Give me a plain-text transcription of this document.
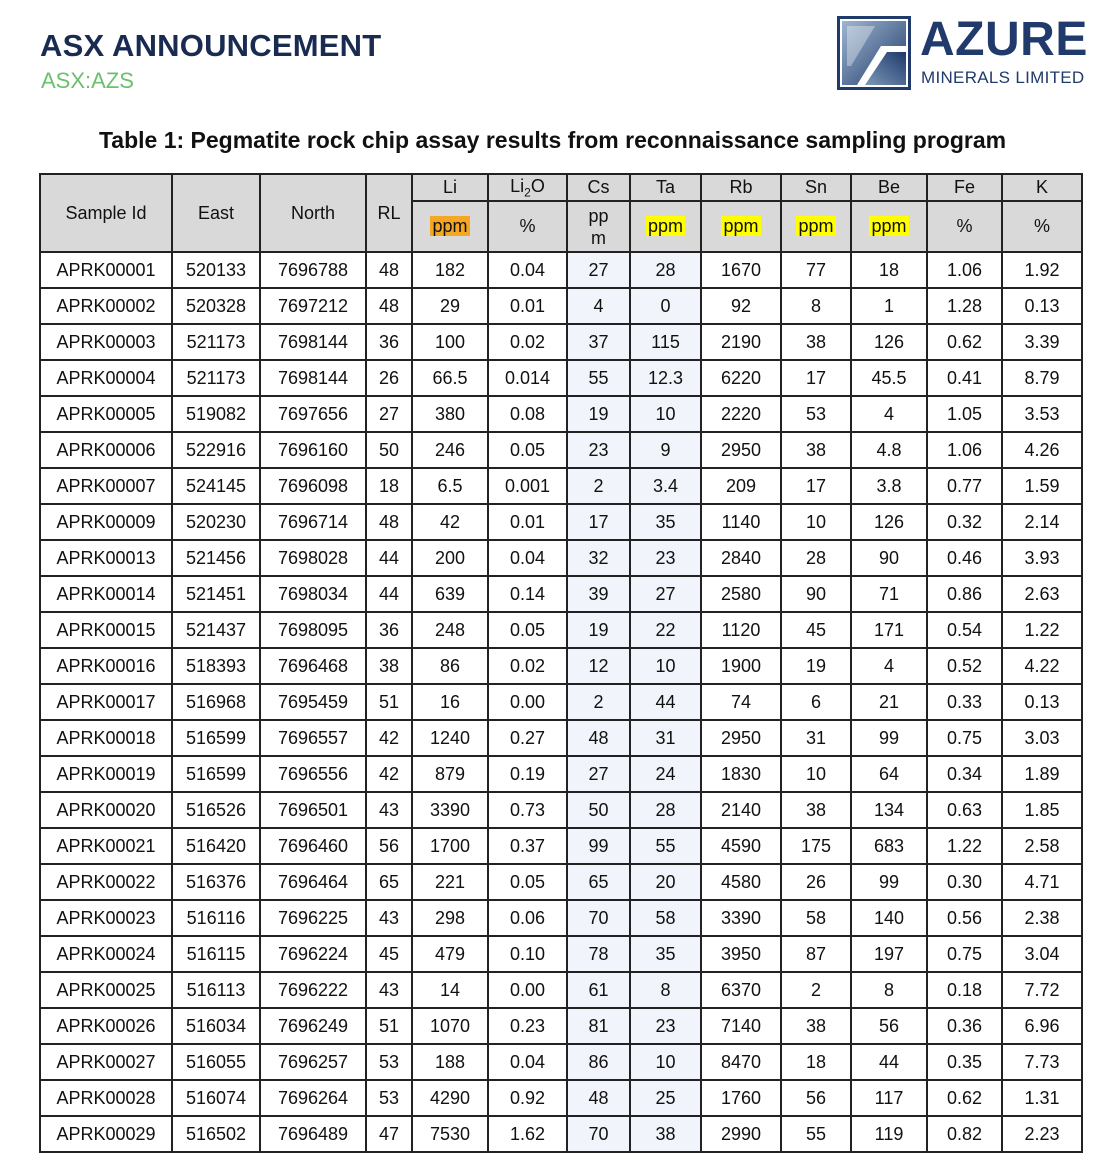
ASX ANNOUNCEMENT
ASX:AZS
AZURE
MINERALS LIMITED
Table 1: Pegmatite rock chip assay results from reconnaissance sampling program
Sample Id	East	North	RL	Li	$Li_2O$	Cs	Ta	Rb	Sn	Be	Fe	K
				ppm	%	pp m	ppm	ppm	ppm	ppm	%	%
APRK00001	520133	7696788	48	182	0.04	27	28	1670	77	18	1.06	1.92
APRK00002	520328	7697212	48	29	0.01	4	0	92	8	1	1.28	0.13
APRK00003	521173	7698144	36	100	0.02	37	115	2190	38	126	0.62	3.39
APRK00004	521173	7698144	26	66.5	0.014	55	12.3	6220	17	45.5	0.41	8.79
APRK00005	519082	7697656	27	380	0.08	19	10	2220	53	4	1.05	3.53
APRK00006	522916	7696160	50	246	0.05	23	9	2950	38	4.8	1.06	4.26
APRK00007	524145	7696098	18	6.5	0.001	2	3.4	209	17	3.8	0.77	1.59
APRK00009	520230	7696714	48	42	0.01	17	35	1140	10	126	0.32	2.14
APRK00013	521456	7698028	44	200	0.04	32	23	2840	28	90	0.46	3.93
APRK00014	521451	7698034	44	639	0.14	39	27	2580	90	71	0.86	2.63
APRK00015	521437	7698095	36	248	0.05	19	22	1120	45	171	0.54	1.22
APRK00016	518393	7696468	38	86	0.02	12	10	1900	19	4	0.52	4.22
APRK00017	516968	7695459	51	16	0.00	2	44	74	6	21	0.33	0.13
APRK00018	516599	7696557	42	1240	0.27	48	31	2950	31	99	0.75	3.03
APRK00019	516599	7696556	42	879	0.19	27	24	1830	10	64	0.34	1.89
APRK00020	516526	7696501	43	3390	0.73	50	28	2140	38	134	0.63	1.85
APRK00021	516420	7696460	56	1700	0.37	99	55	4590	175	683	1.22	2.58
APRK00022	516376	7696464	65	221	0.05	65	20	4580	26	99	0.30	4.71
APRK00023	516116	7696225	43	298	0.06	70	58	3390	58	140	0.56	2.38
APRK00024	516115	7696224	45	479	0.10	78	35	3950	87	197	0.75	3.04
APRK00025	516113	7696222	43	14	0.00	61	8	6370	2	8	0.18	7.72
APRK00026	516034	7696249	51	1070	0.23	81	23	7140	38	56	0.36	6.96
APRK00027	516055	7696257	53	188	0.04	86	10	8470	18	44	0.35	7.73
APRK00028	516074	7696264	53	4290	0.92	48	25	1760	56	117	0.62	1.31
APRK00029	516502	7696489	47	7530	1.62	70	38	2990	55	119	0.82	2.23
